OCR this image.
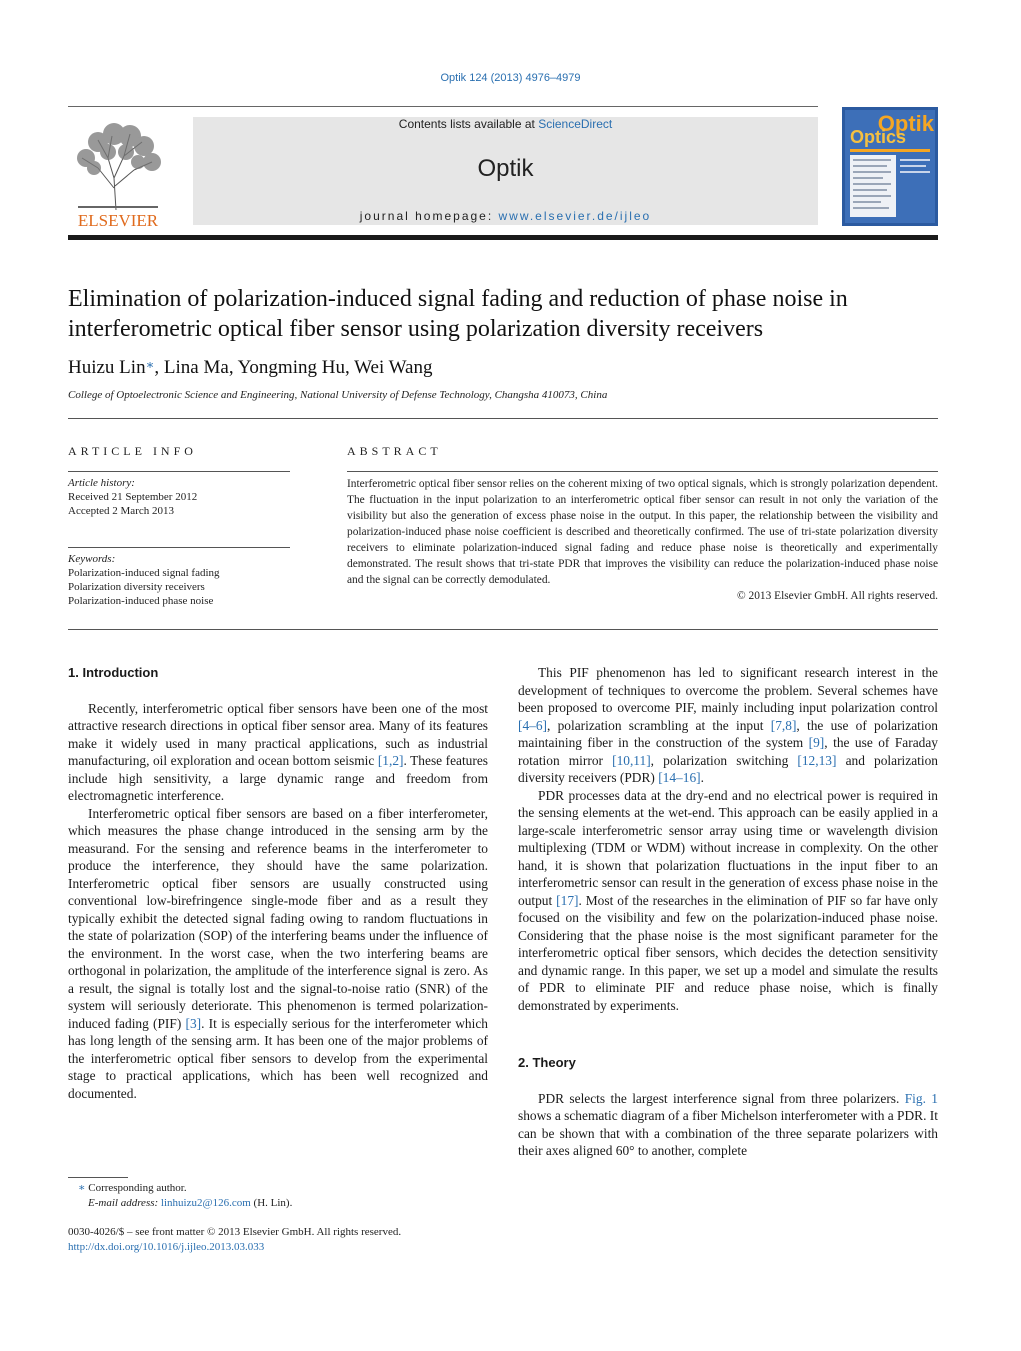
Optik 124 (2013) 4976–4979
ELSEVIER
Contents lists available at ScienceDirect
Optik
journal homepage: www.elsevier.de/ijleo
Optik
Optics
Elimination of polarization-induced signal fading and reduction of phase noise in interferometric optical fiber sensor using polarization diversity receivers
Huizu Lin∗, Lina Ma, Yongming Hu, Wei Wang
College of Optoelectronic Science and Engineering, National University of Defense Technology, Changsha 410073, China
ARTICLE INFO	ABSTRACT
Article history:
Received 21 September 2012
Accepted 2 March 2013
Keywords:
Polarization-induced signal fading
Polarization diversity receivers
Polarization-induced phase noise
Interferometric optical fiber sensor relies on the coherent mixing of two optical signals, which is strongly polarization dependent. The fluctuation in the input polarization to an interferometric optical fiber sensor can result in not only the variation of the visibility but also the generation of excess phase noise in the output. In this paper, the relationship between the visibility and polarization-induced phase noise coefficient is described and theoretically confirmed. The use of tri-state polarization diversity receivers to eliminate polarization-induced signal fading and reduce phase noise is theoretically and experimentally demonstrated. The result shows that tri-state PDR that improves the visibility can reduce the polarization-induced phase noise and the signal can be correctly demodulated.
© 2013 Elsevier GmbH. All rights reserved.

1. Introduction

Recently, interferometric optical fiber sensors have been one of the most attractive research directions in optical fiber sensor area. Many of its features make it widely used in many practical applications, such as industrial manufacturing, oil exploration and ocean bottom seismic [1,2]. These features include high sensitivity, a large dynamic range and freedom from electromagnetic interference.

Interferometric optical fiber sensors are based on a fiber interferometer, which measures the phase change introduced in the sensing arm by the measurand. For the sensing and reference beams in the interferometer to produce the interference, they should have the same polarization. Interferometric optical fiber sensors are usually constructed using conventional low-birefringence single-mode fiber and as a result they typically exhibit the detected signal fading owing to random fluctuations in the state of polarization (SOP) of the interfering beams under the influence of the environment. In the worst case, when the two interfering beams are orthogonal in polarization, the amplitude of the interference signal is zero. As a result, the signal is totally lost and the signal-to-noise ratio (SNR) of the system will seriously deteriorate. This phenomenon is termed polarization-induced fading (PIF) [3]. It is especially serious for the interferometer which has long length of the sensing arm. It has been one of the major problems of the interferometric optical fiber sensors to develop from the experimental stage to practical applications, which has been well recognized and documented.

This PIF phenomenon has led to significant research interest in the development of techniques to overcome the problem. Several schemes have been proposed to overcome PIF, mainly including input polarization control [4–6], polarization scrambling at the input [7,8], the use of polarization maintaining fiber in the construction of the system [9], the use of Faraday rotation mirror [10,11], polarization switching [12,13] and polarization diversity receivers (PDR) [14–16].

PDR processes data at the dry-end and no electrical power is required in the sensing elements at the wet-end. This approach can be easily applied in a large-scale interferometric sensor array using time or wavelength division multiplexing (TDM or WDM) without increase in complexity. On the other hand, it is shown that polarization fluctuations in the input fiber to an interferometric sensor can result in the generation of excess phase noise in the output [17]. Most of the researches in the elimination of PIF so far have only focused on the visibility and few on the polarization-induced phase noise. Considering that the phase noise is the most significant parameter for the interferometric optical fiber sensors, which decides the detection sensitivity and dynamic range. In this paper, we set up a model and simulate the results of PDR to eliminate PIF and reduce phase noise, which is finally demonstrated by experiments.

2. Theory

PDR selects the largest interference signal from three polarizers. Fig. 1 shows a schematic diagram of a fiber Michelson interferometer with a PDR. It can be shown that with a combination of the three separate polarizers with their axes aligned 60° to another, complete

∗ Corresponding author.
E-mail address: linhuizu2@126.com (H. Lin).
0030-4026/$ – see front matter © 2013 Elsevier GmbH. All rights reserved.
http://dx.doi.org/10.1016/j.ijleo.2013.03.033
